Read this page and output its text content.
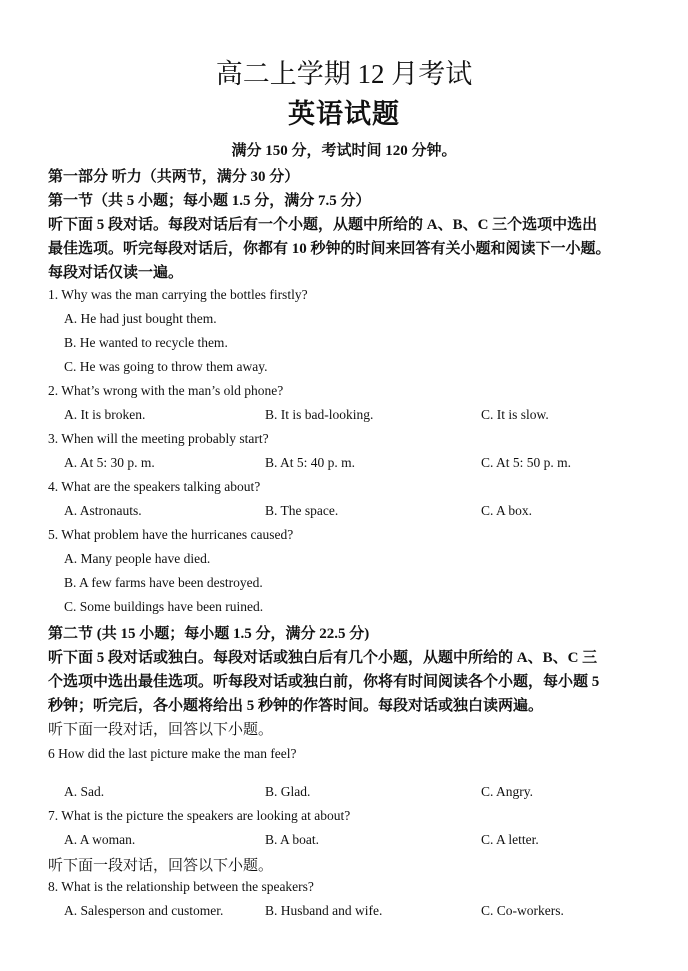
高二上学期 12 月考试
英语试题
满分 150 分，考试时间 120 分钟。
第一部分 听力（共两节，满分 30 分）
第一节（共 5 小题；每小题 1.5 分，满分 7.5 分）
听下面 5 段对话。每段对话后有一个小题，从题中所给的 A、B、C 三个选项中选出
最佳选项。听完每段对话后，你都有 10 秒钟的时间来回答有关小题和阅读下一小题。
每段对话仅读一遍。
1. Why was the man carrying the bottles firstly?
A. He had just bought them.
B. He wanted to recycle them.
C. He was going to throw them away.
2. What’s wrong with the man’s old phone?
A. It is broken.	B. It is bad-looking.	C. It is slow.
3. When will the meeting probably start?
A. At 5: 30 p. m.	B. At 5: 40 p. m.	C. At 5: 50 p. m.
4. What are the speakers talking about?
A. Astronauts.	B. The space.	C. A box.
5. What problem have the hurricanes caused?
A. Many people have died.
B. A few farms have been destroyed.
C. Some buildings have been ruined.
第二节 (共 15 小题；每小题 1.5 分，满分 22.5 分)
听下面 5 段对话或独白。每段对话或独白后有几个小题，从题中所给的 A、B、C 三
个选项中选出最佳选项。听每段对话或独白前，你将有时间阅读各个小题，每小题 5
秒钟；听完后，各小题将给出 5 秒钟的作答时间。每段对话或独白读两遍。
听下面一段对话，回答以下小题。
6 How did the last picture make the man feel?
A. Sad.	B. Glad.	C. Angry.
7. What is the picture the speakers are looking at about?
A. A woman.	B. A boat.	C. A letter.
听下面一段对话，回答以下小题。
8. What is the relationship between the speakers?
A. Salesperson and customer.	B. Husband and wife.	C. Co-workers.
